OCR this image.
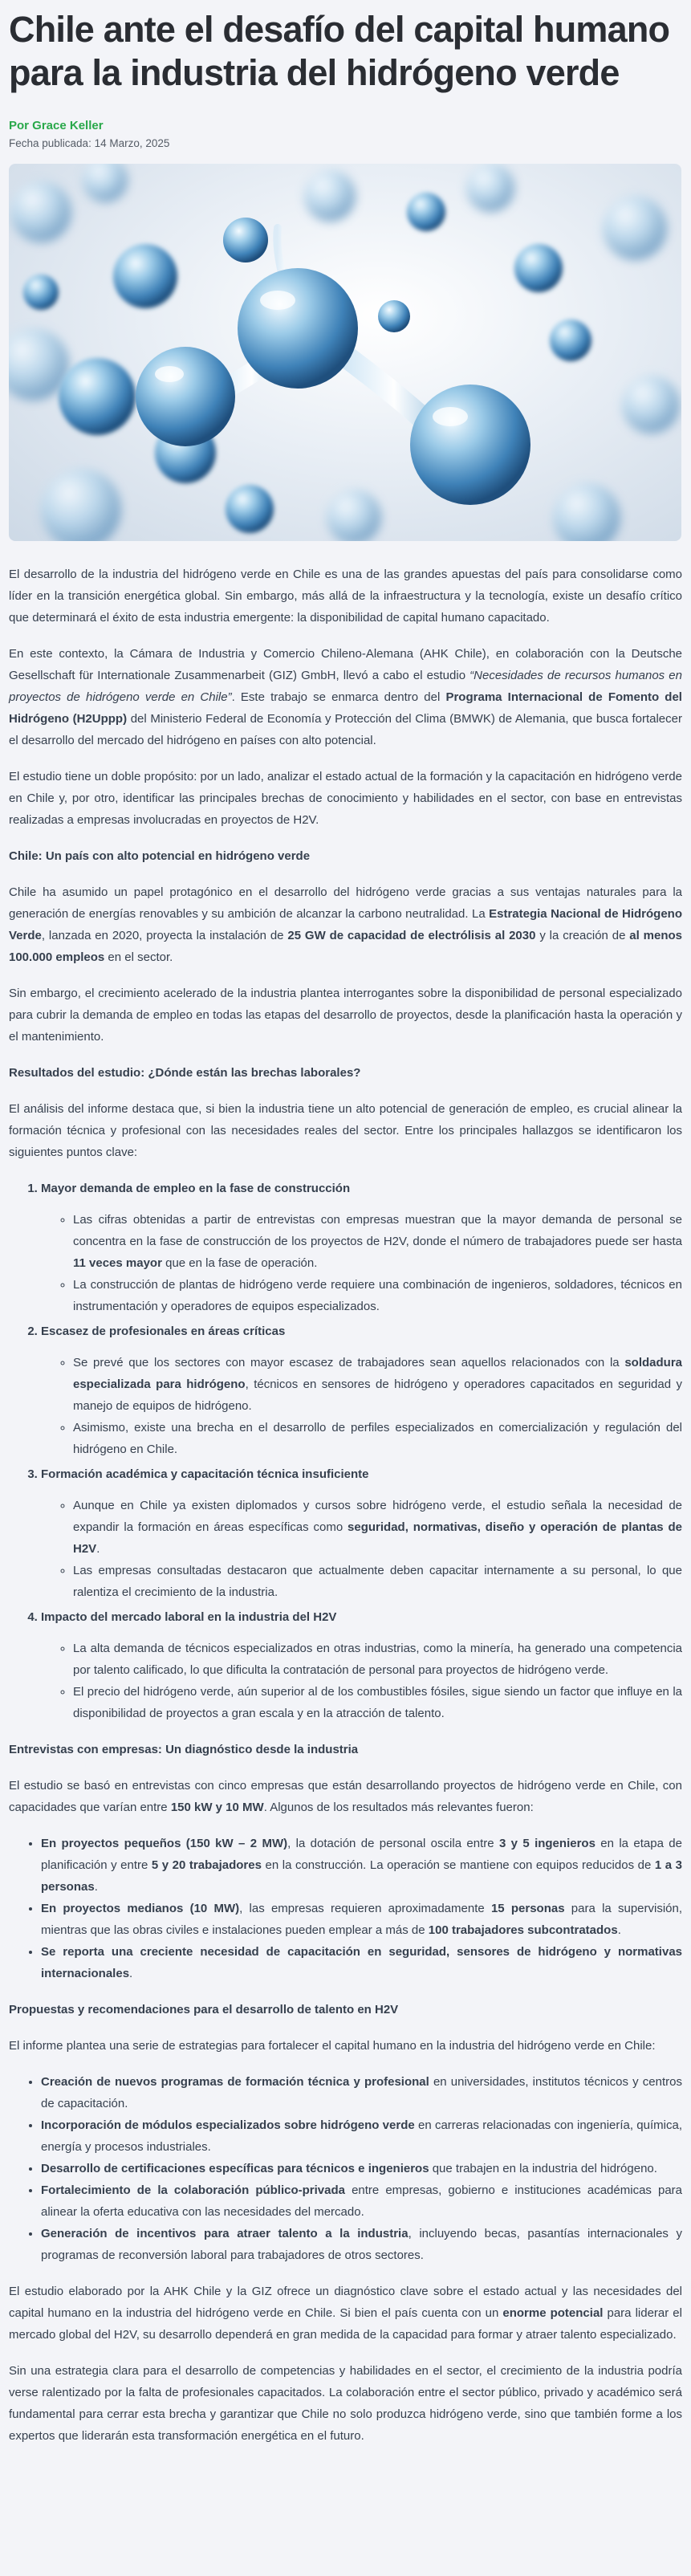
Chile ante el desafío del capital humano para la industria del hidrógeno verde
Por Grace Keller
Fecha publicada: 14 Marzo, 2025

El desarrollo de la industria del hidrógeno verde en Chile es una de las grandes apuestas del país para consolidarse como líder en la transición energética global. Sin embargo, más allá de la infraestructura y la tecnología, existe un desafío crítico que determinará el éxito de esta industria emergente: la disponibilidad de capital humano capacitado.

En este contexto, la Cámara de Industria y Comercio Chileno-Alemana (AHK Chile), en colaboración con la Deutsche Gesellschaft für Internationale Zusammenarbeit (GIZ) GmbH, llevó a cabo el estudio “Necesidades de recursos humanos en proyectos de hidrógeno verde en Chile”. Este trabajo se enmarca dentro del Programa Internacional de Fomento del Hidrógeno (H2Uppp) del Ministerio Federal de Economía y Protección del Clima (BMWK) de Alemania, que busca fortalecer el desarrollo del mercado del hidrógeno en países con alto potencial.

El estudio tiene un doble propósito: por un lado, analizar el estado actual de la formación y la capacitación en hidrógeno verde en Chile y, por otro, identificar las principales brechas de conocimiento y habilidades en el sector, con base en entrevistas realizadas a empresas involucradas en proyectos de H2V.

Chile: Un país con alto potencial en hidrógeno verde

Chile ha asumido un papel protagónico en el desarrollo del hidrógeno verde gracias a sus ventajas naturales para la generación de energías renovables y su ambición de alcanzar la carbono neutralidad. La Estrategia Nacional de Hidrógeno Verde, lanzada en 2020, proyecta la instalación de 25 GW de capacidad de electrólisis al 2030 y la creación de al menos 100.000 empleos en el sector.

Sin embargo, el crecimiento acelerado de la industria plantea interrogantes sobre la disponibilidad de personal especializado para cubrir la demanda de empleo en todas las etapas del desarrollo de proyectos, desde la planificación hasta la operación y el mantenimiento.

Resultados del estudio: ¿Dónde están las brechas laborales?

El análisis del informe destaca que, si bien la industria tiene un alto potencial de generación de empleo, es crucial alinear la formación técnica y profesional con las necesidades reales del sector. Entre los principales hallazgos se identificaron los siguientes puntos clave:

1. Mayor demanda de empleo en la fase de construcción
◦ Las cifras obtenidas a partir de entrevistas con empresas muestran que la mayor demanda de personal se concentra en la fase de construcción de los proyectos de H2V, donde el número de trabajadores puede ser hasta 11 veces mayor que en la fase de operación.
◦ La construcción de plantas de hidrógeno verde requiere una combinación de ingenieros, soldadores, técnicos en instrumentación y operadores de equipos especializados.
2. Escasez de profesionales en áreas críticas
◦ Se prevé que los sectores con mayor escasez de trabajadores sean aquellos relacionados con la soldadura especializada para hidrógeno, técnicos en sensores de hidrógeno y operadores capacitados en seguridad y manejo de equipos de hidrógeno.
◦ Asimismo, existe una brecha en el desarrollo de perfiles especializados en comercialización y regulación del hidrógeno en Chile.
3. Formación académica y capacitación técnica insuficiente
◦ Aunque en Chile ya existen diplomados y cursos sobre hidrógeno verde, el estudio señala la necesidad de expandir la formación en áreas específicas como seguridad, normativas, diseño y operación de plantas de H2V.
◦ Las empresas consultadas destacaron que actualmente deben capacitar internamente a su personal, lo que ralentiza el crecimiento de la industria.
4. Impacto del mercado laboral en la industria del H2V
◦ La alta demanda de técnicos especializados en otras industrias, como la minería, ha generado una competencia por talento calificado, lo que dificulta la contratación de personal para proyectos de hidrógeno verde.
◦ El precio del hidrógeno verde, aún superior al de los combustibles fósiles, sigue siendo un factor que influye en la disponibilidad de proyectos a gran escala y en la atracción de talento.
Entrevistas con empresas: Un diagnóstico desde la industria

El estudio se basó en entrevistas con cinco empresas que están desarrollando proyectos de hidrógeno verde en Chile, con capacidades que varían entre 150 kW y 10 MW. Algunos de los resultados más relevantes fueron:

• En proyectos pequeños (150 kW – 2 MW), la dotación de personal oscila entre 3 y 5 ingenieros en la etapa de planificación y entre 5 y 20 trabajadores en la construcción. La operación se mantiene con equipos reducidos de 1 a 3 personas.
• En proyectos medianos (10 MW), las empresas requieren aproximadamente 15 personas para la supervisión, mientras que las obras civiles e instalaciones pueden emplear a más de 100 trabajadores subcontratados.
• Se reporta una creciente necesidad de capacitación en seguridad, sensores de hidrógeno y normativas internacionales.
Propuestas y recomendaciones para el desarrollo de talento en H2V

El informe plantea una serie de estrategias para fortalecer el capital humano en la industria del hidrógeno verde en Chile:

• Creación de nuevos programas de formación técnica y profesional en universidades, institutos técnicos y centros de capacitación.
• Incorporación de módulos especializados sobre hidrógeno verde en carreras relacionadas con ingeniería, química, energía y procesos industriales.
• Desarrollo de certificaciones específicas para técnicos e ingenieros que trabajen en la industria del hidrógeno.
• Fortalecimiento de la colaboración público-privada entre empresas, gobierno e instituciones académicas para alinear la oferta educativa con las necesidades del mercado.
• Generación de incentivos para atraer talento a la industria, incluyendo becas, pasantías internacionales y programas de reconversión laboral para trabajadores de otros sectores.

El estudio elaborado por la AHK Chile y la GIZ ofrece un diagnóstico clave sobre el estado actual y las necesidades del capital humano en la industria del hidrógeno verde en Chile. Si bien el país cuenta con un enorme potencial para liderar el mercado global del H2V, su desarrollo dependerá en gran medida de la capacidad para formar y atraer talento especializado.

Sin una estrategia clara para el desarrollo de competencias y habilidades en el sector, el crecimiento de la industria podría verse ralentizado por la falta de profesionales capacitados. La colaboración entre el sector público, privado y académico será fundamental para cerrar esta brecha y garantizar que Chile no solo produzca hidrógeno verde, sino que también forme a los expertos que liderarán esta transformación energética en el futuro.
